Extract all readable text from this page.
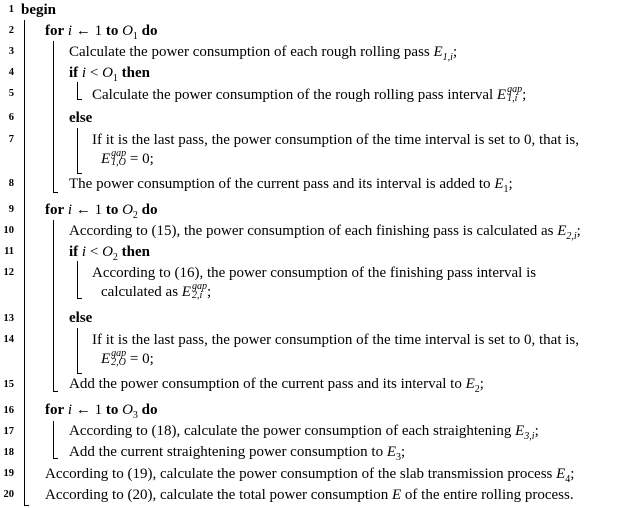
1
2
3
4
5
6
7
8
9
10
11
12
13
14
15
16
17
18
19
20
begin
for i ← 1 to $O_1$ do
Calculate the power consumption of each rough rolling pass $E_{1,i}$;
if $i < O_1$ then
Calculate the power consumption of the rough rolling pass interval E gap
1,i ;
else
If it is the last pass, the power consumption of the time interval is set to 0, that is,
E gap
1,O = 0;
The power consumption of the current pass and its interval is added to $E_1$;
for i ← 1 to $O_2$ do
According to (15), the power consumption of each finishing pass is calculated as $E_{2,i}$;
if $i < O_2$ then
According to (16), the power consumption of the finishing pass interval is
calculated as E gap
2,i ;
else
If it is the last pass, the power consumption of the time interval is set to 0, that is,
E gap
2,O = 0;
Add the power consumption of the current pass and its interval to $E_2$;
for i ← 1 to $O_3$ do
According to (18), calculate the power consumption of each straightening $E_{3,i}$;
Add the current straightening power consumption to $E_3$;
According to (19), calculate the power consumption of the slab transmission process $E_4$;
According to (20), calculate the total power consumption E of the entire rolling process.
